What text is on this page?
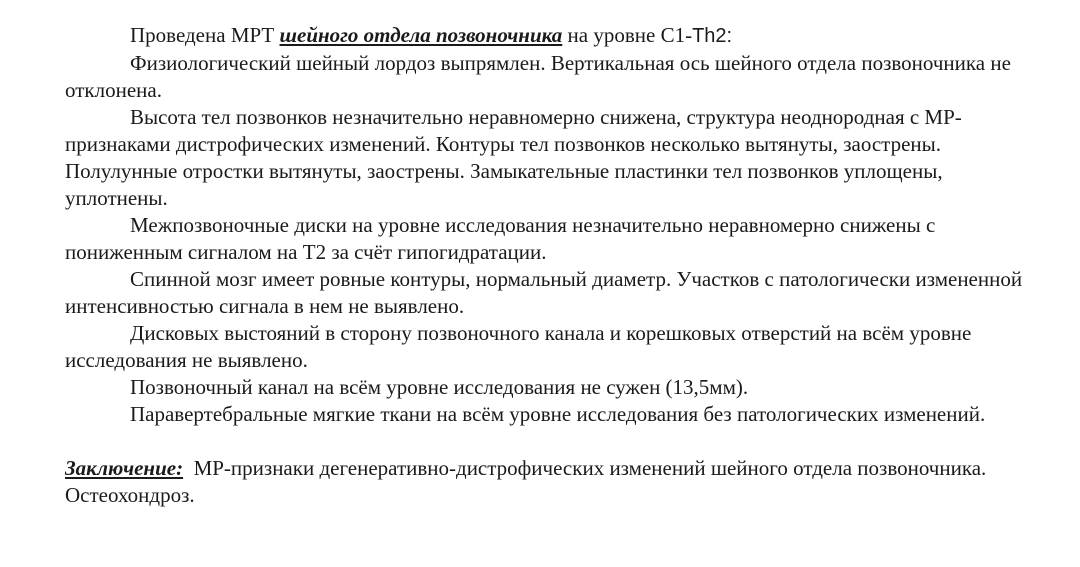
Проведена МРТ шейного отдела позвоночника на уровне C1-Th2:

Физиологический шейный лордоз выпрямлен. Вертикальная ось шейного отдела позвоночника не отклонена.

Высота тел позвонков незначительно неравномерно снижена, структура неоднородная с МР-признаками дистрофических изменений. Контуры тел позвонков несколько вытянуты, заострены. Полулунные отростки вытянуты, заострены. Замыкательные пластинки тел позвонков уплощены, уплотнены.

Межпозвоночные диски на уровне исследования незначительно неравномерно снижены с пониженным сигналом на Т2 за счёт гипогидратации.

Спинной мозг имеет ровные контуры, нормальный диаметр. Участков с патологически измененной интенсивностью сигнала в нем не выявлено.

Дисковых выстояний в сторону позвоночного канала и корешковых отверстий на всём уровне исследования не выявлено.

Позвоночный канал на всём уровне исследования не сужен (13,5мм).

Паравертебральные мягкие ткани на всём уровне исследования без патологических изменений.

Заключение:  МР-признаки дегенеративно-дистрофических изменений шейного отдела позвоночника. Остеохондроз.
